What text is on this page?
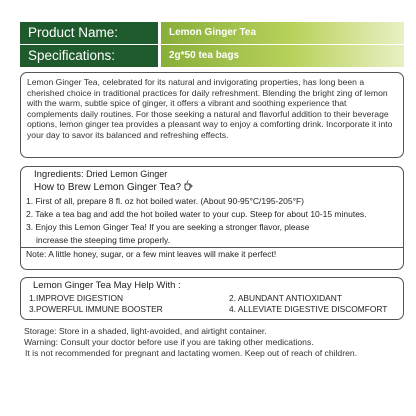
Product Name:	Lemon Ginger Tea
Specifications:	2g*50 tea bags
Lemon Ginger Tea, celebrated for its natural and invigorating properties, has long been a cherished choice in traditional practices for daily refreshment. Blending the bright zing of lemon with the warm, subtle spice of ginger, it offers a vibrant and soothing experience that complements daily routines. For those seeking a natural and flavorful addition to their beverage options, lemon ginger tea provides a pleasant way to enjoy a comforting drink. Incorporate it into your day to savor its balanced and refreshing effects.
Ingredients: Dried Lemon Ginger
How to Brew Lemon Ginger Tea?
1. First of all, prepare 8 fl. oz hot boiled water. (About 90-95°C/195-205°F)
2. Take a tea bag and add the hot boiled water to your cup. Steep for about 10-15 minutes.
3. Enjoy this Lemon Ginger Tea! If you are seeking a stronger flavor, please
increase the steeping time properly.
Note: A little honey, sugar, or a few mint leaves will make it perfect!
Lemon Ginger Tea May Help With :
1.IMPROVE DIGESTION	2. ABUNDANT ANTIOXIDANT
3.POWERFUL IMMUNE BOOSTER	4. ALLEVIATE DIGESTIVE DISCOMFORT
Storage: Store in a shaded, light-avoided, and airtight container.
Warning: Consult your doctor before use if you are taking other medications.
It is not recommended for pregnant and lactating women. Keep out of reach of children.
